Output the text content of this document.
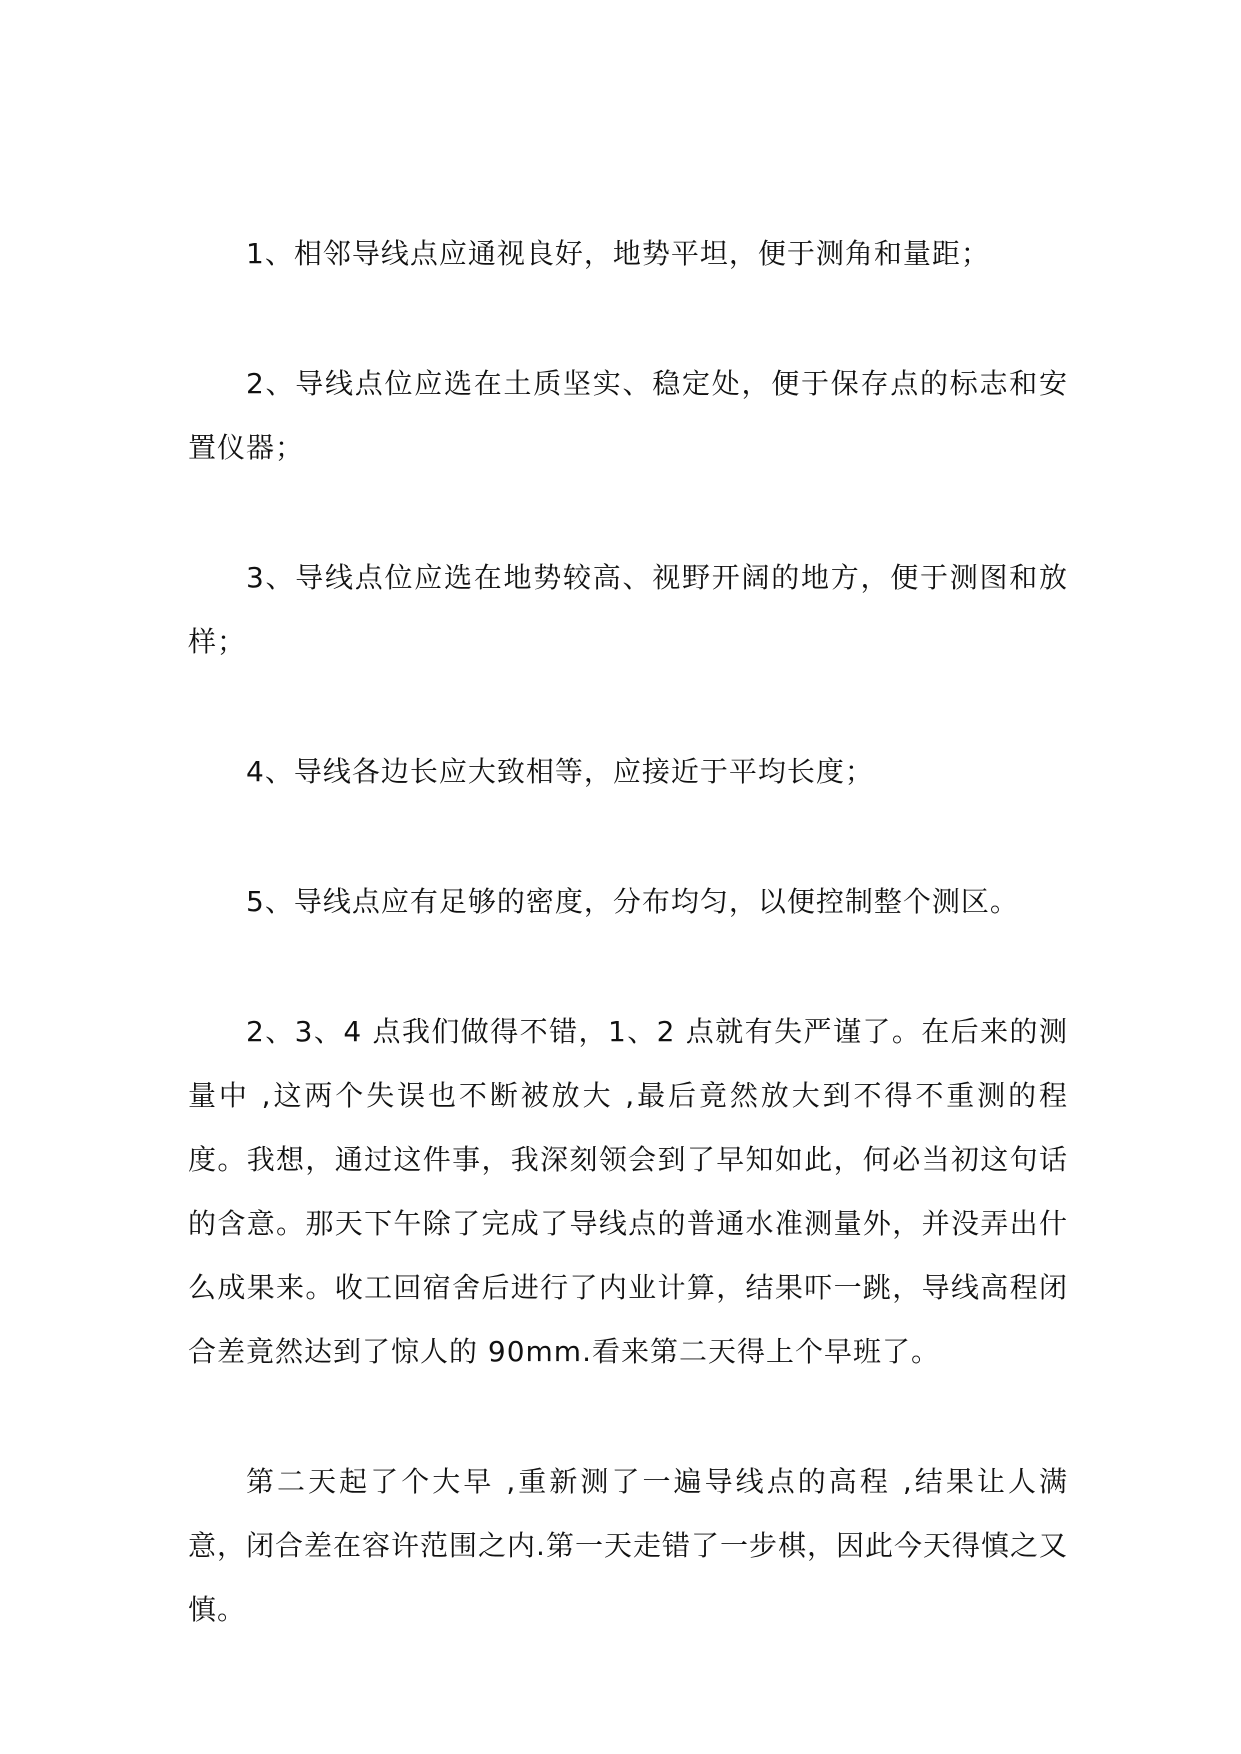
1、相邻导线点应通视良好，地势平坦，便于测角和量距；

2、导线点位应选在土质坚实、稳定处，便于保存点的标志和安置仪器；

3、导线点位应选在地势较高、视野开阔的地方，便于测图和放样；

4、导线各边长应大致相等，应接近于平均长度；

5、导线点应有足够的密度，分布均匀，以便控制整个测区。

2、3、4 点我们做得不错，1、2 点就有失严谨了。在后来的测量中 ,这两个失误也不断被放大 ,最后竟然放大到不得不重测的程度。我想，通过这件事，我深刻领会到了早知如此，何必当初这句话的含意。那天下午除了完成了导线点的普通水准测量外，并没弄出什么成果来。收工回宿舍后进行了内业计算，结果吓一跳，导线高程闭合差竟然达到了惊人的 90mm.看来第二天得上个早班了。

第二天起了个大早 ,重新测了一遍导线点的高程 ,结果让人满意，闭合差在容许范围之内.第一天走错了一步棋，因此今天得慎之又慎。
